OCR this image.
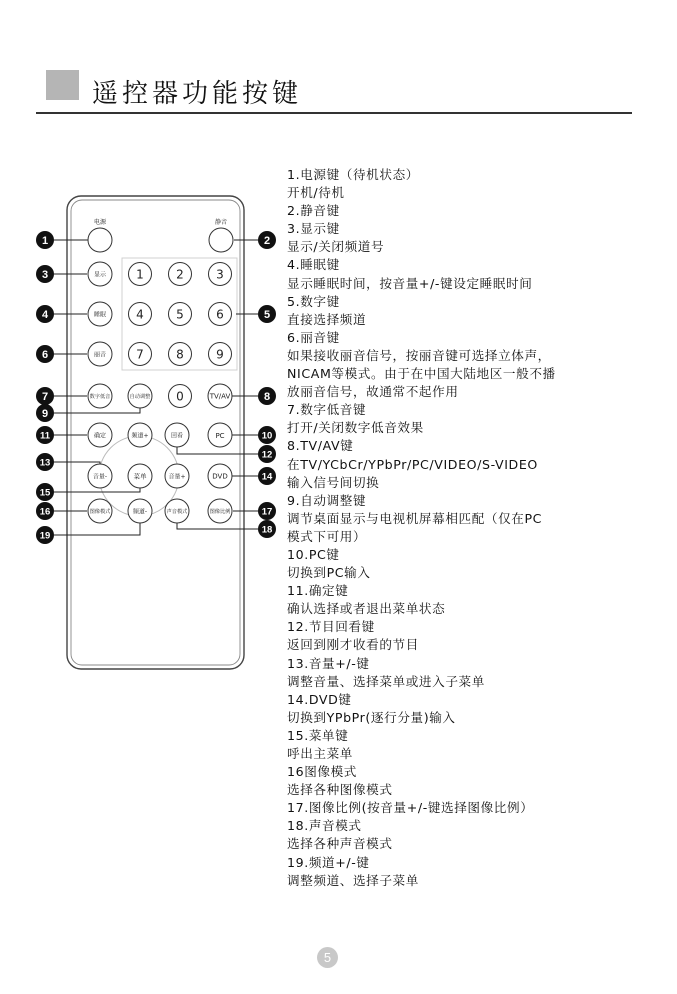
遥控器功能按键
电源	静音
显示
睡眠
丽音
1	2	3
4	5	6
7	8	9
数字低音	自动调整 0	TV/AV
确定	频道+	回看	PC
音量-	菜单	音量+	DVD
图像模式	频道-	声音模式	图像比例
1	2
3
4	5
6
7	8
9
10
11
12
13
14
15
16	17
18
19
1.电源键（待机状态）
开机/待机
2.静音键
3.显示键
显示/关闭频道号
4.睡眠键
显示睡眠时间，按音量+/-键设定睡眠时间
5.数字键
直接选择频道
6.丽音键
如果接收丽音信号，按丽音键可选择立体声，
NICAM等模式。由于在中国大陆地区一般不播
放丽音信号，故通常不起作用
7.数字低音键
打开/关闭数字低音效果
8.TV/AV键
在TV/YCbCr/YPbPr/PC/VIDEO/S-VIDEO
输入信号间切换
9.自动调整键
调节桌面显示与电视机屏幕相匹配（仅在PC
模式下可用）
10.PC键
切换到PC输入
11.确定键
确认选择或者退出菜单状态
12.节目回看键
返回到刚才收看的节目
13.音量+/-键
调整音量、选择菜单或进入子菜单
14.DVD键
切换到YPbPr(逐行分量)输入
15.菜单键
呼出主菜单
16图像模式
选择各种图像模式
17.图像比例(按音量+/-键选择图像比例）
18.声音模式
选择各种声音模式
19.频道+/-键
调整频道、选择子菜单
5
